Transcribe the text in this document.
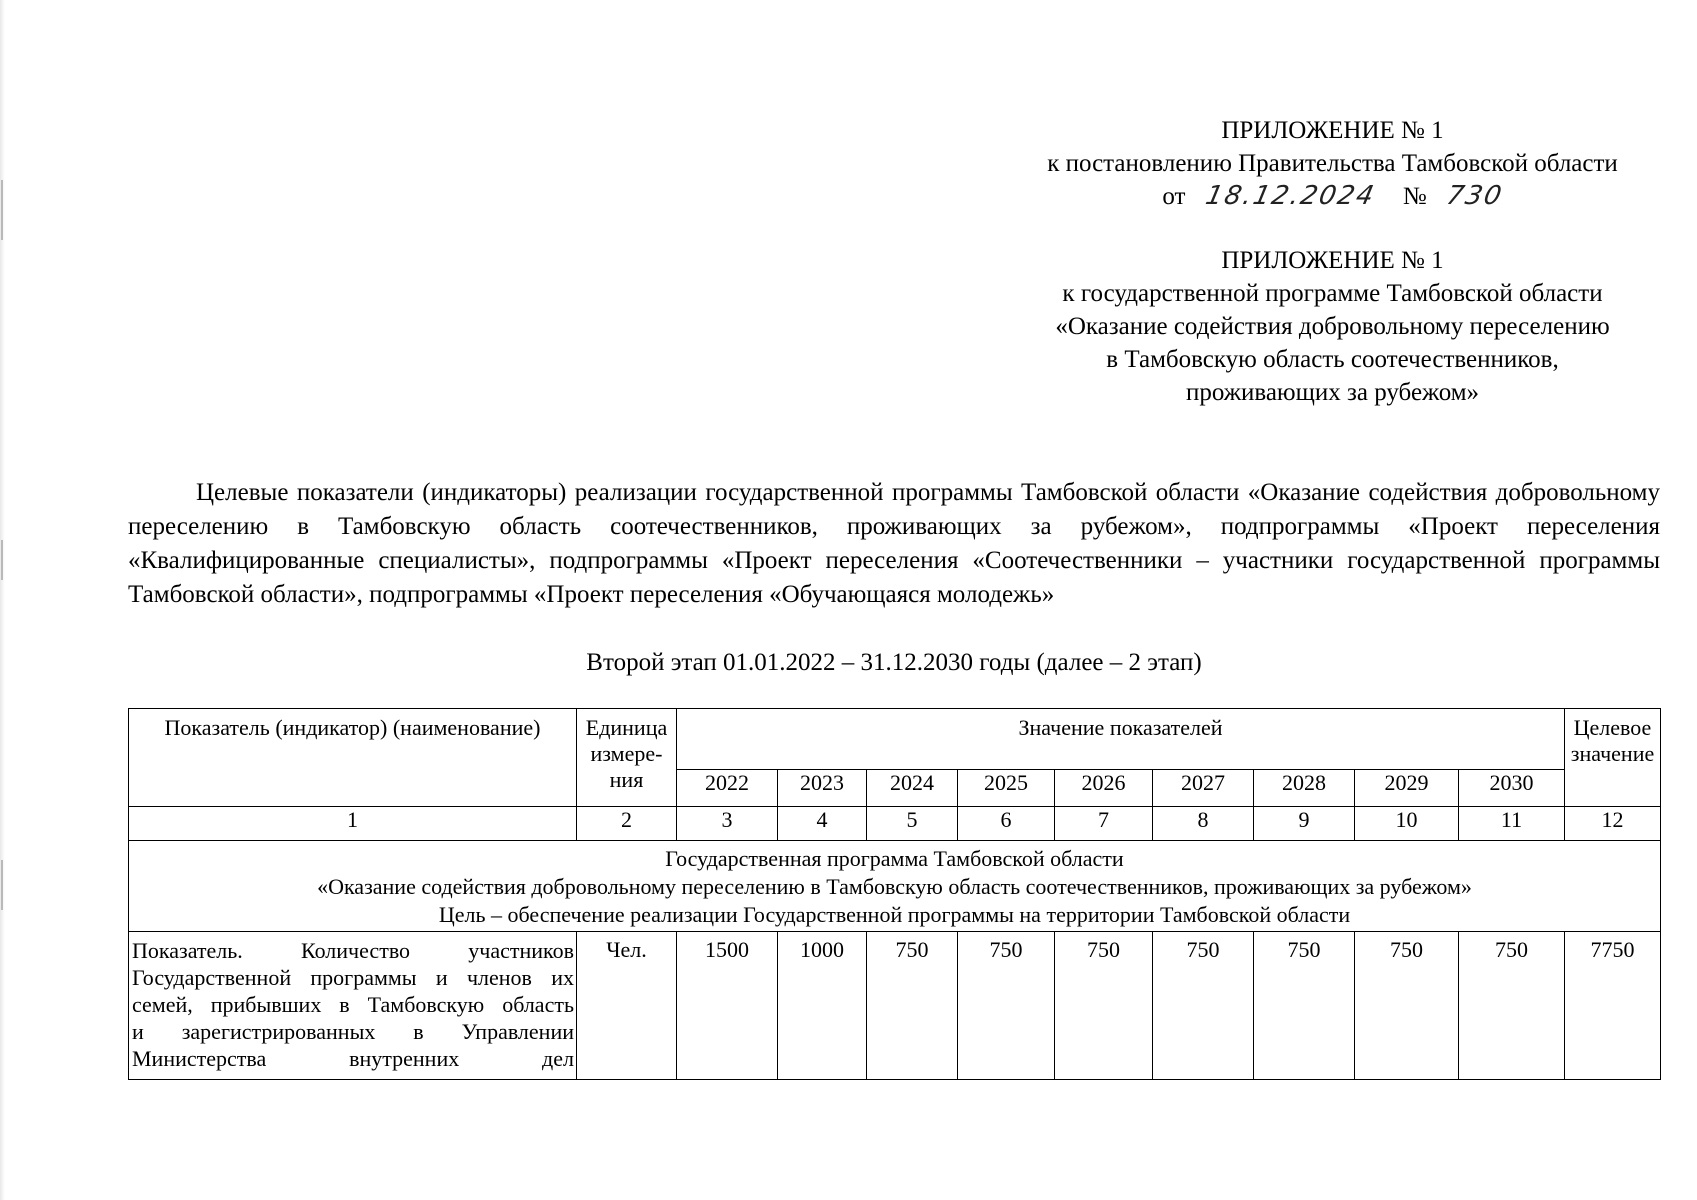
ПРИЛОЖЕНИЕ № 1
к постановлению Правительства Тамбовской области
от 18.12.2024 № 730
ПРИЛОЖЕНИЕ № 1
к государственной программе Тамбовской области
«Оказание содействия добровольному переселению
в Тамбовскую область соотечественников,
проживающих за рубежом»
Целевые показатели (индикаторы) реализации государственной программы Тамбовской области «Оказание содействия добровольному переселению в Тамбовскую область соотечественников, проживающих за рубежом», подпрограммы «Проект переселения «Квалифицированные специалисты», подпрограммы «Проект переселения «Соотечественники – участники государственной программы Тамбовской области», подпрограммы «Проект переселения «Обучающаяся молодежь»
Второй этап 01.01.2022 – 31.12.2030 годы (далее – 2 этап)
Показатель (индикатор) (наименование)	Единица измере- ния	Значение показателей									Целевое значение
		2022	2023	2024	2025	2026	2027	2028	2029	2030	
1	2	3	4	5	6	7	8	9	10	11	12

Государственная программа Тамбовской области
«Оказание содействия добровольному переселению в Тамбовскую область соотечественников, проживающих за рубежом»
Цель – обеспечение реализации Государственной программы на территории Тамбовской области											

Показатель. Количество участников
Государственной программы и членов их
семей, прибывших в Тамбовскую область
и зарегистрированных в Управлении
Министерства внутренних дел	Чел.	1500	1000	750	750	750	750	750	750	750	7750
